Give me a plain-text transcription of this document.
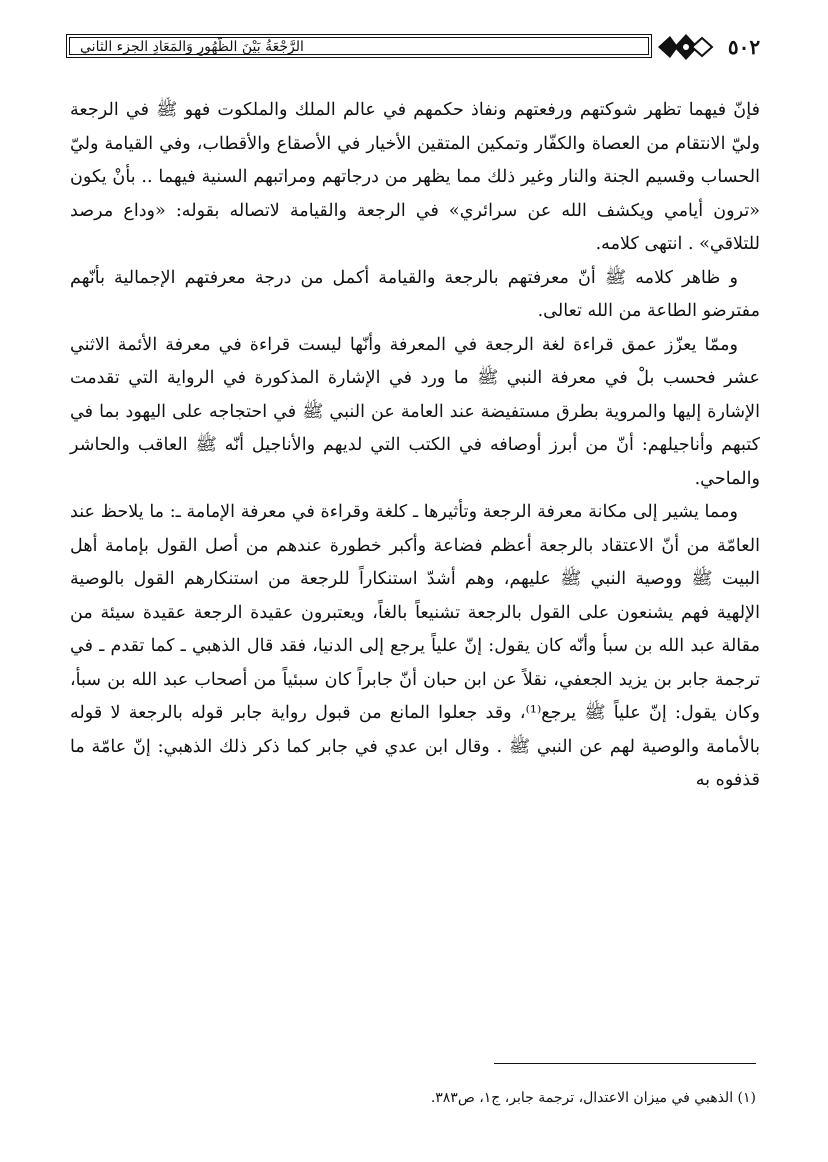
الرَّجْعَةُ بَيْنَ الظُّهُورِ وَالمَعَادِ الجزء الثاني	٥٠٢

فإنّ فيهما تظهر شوكتهم ورفعتهم ونفاذ حكمهم في عالم الملك والملكوت فهو ﷺ في الرجعة وليّ الانتقام من العصاة والكفّار وتمكين المتقين الأخيار في الأصقاع والأقطاب، وفي القيامة وليّ الحساب وقسيم الجنة والنار وغير ذلك مما يظهر من درجاتهم ومراتبهم السنية فيهما .. بأنْ يكون «ترون أيامي ويكشف الله عن سرائري» في الرجعة والقيامة لاتصاله بقوله: «وداع مرصد للتلاقي» . انتهى كلامه.

و ظاهر كلامه ﷺ أنّ معرفتهم بالرجعة والقيامة أكمل من درجة معرفتهم الإجمالية بأنّهم مفترضو الطاعة من الله تعالى.

وممّا يعزّز عمق قراءة لغة الرجعة في المعرفة وأنّها ليست قراءة في معرفة الأئمة الاثني عشر فحسب بلْ في معرفة النبي ﷺ ما ورد في الإشارة المذكورة في الرواية التي تقدمت الإشارة إليها والمروية بطرق مستفيضة عند العامة عن النبي ﷺ في احتجاجه على اليهود بما في كتبهم وأناجيلهم: أنّ من أبرز أوصافه في الكتب التي لديهم والأناجيل أنّه ﷺ العاقب والحاشر والماحي.

ومما يشير إلى مكانة معرفة الرجعة وتأثيرها ـ كلغة وقراءة في معرفة الإمامة ـ: ما يلاحظ عند العامّة من أنّ الاعتقاد بالرجعة أعظم فضاعة وأكبر خطورة عندهم من أصل القول بإمامة أهل البيت ﷺ ووصية النبي ﷺ عليهم، وهم أشدّ استنكاراً للرجعة من استنكارهم القول بالوصية الإلهية فهم يشنعون على القول بالرجعة تشنيعاً بالغاً، ويعتبرون عقيدة الرجعة عقيدة سيئة من مقالة عبد الله بن سبأ وأنّه كان يقول: إنّ علياً يرجع إلى الدنيا، فقد قال الذهبي ـ كما تقدم ـ في ترجمة جابر بن يزيد الجعفي، نقلاً عن ابن حبان أنّ جابراً كان سبئياً من أصحاب عبد الله بن سبأ، وكان يقول: إنّ علياً ﷺ يرجع⁽¹⁾، وقد جعلوا المانع من قبول رواية جابر قوله بالرجعة لا قوله بالأمامة والوصية لهم عن النبي ﷺ . وقال ابن عدي في جابر كما ذكر ذلك الذهبي: إنّ عامّة ما قذفوه به

(١) الذهبي في ميزان الاعتدال، ترجمة جابر، ج١، ص٣٨٣.
